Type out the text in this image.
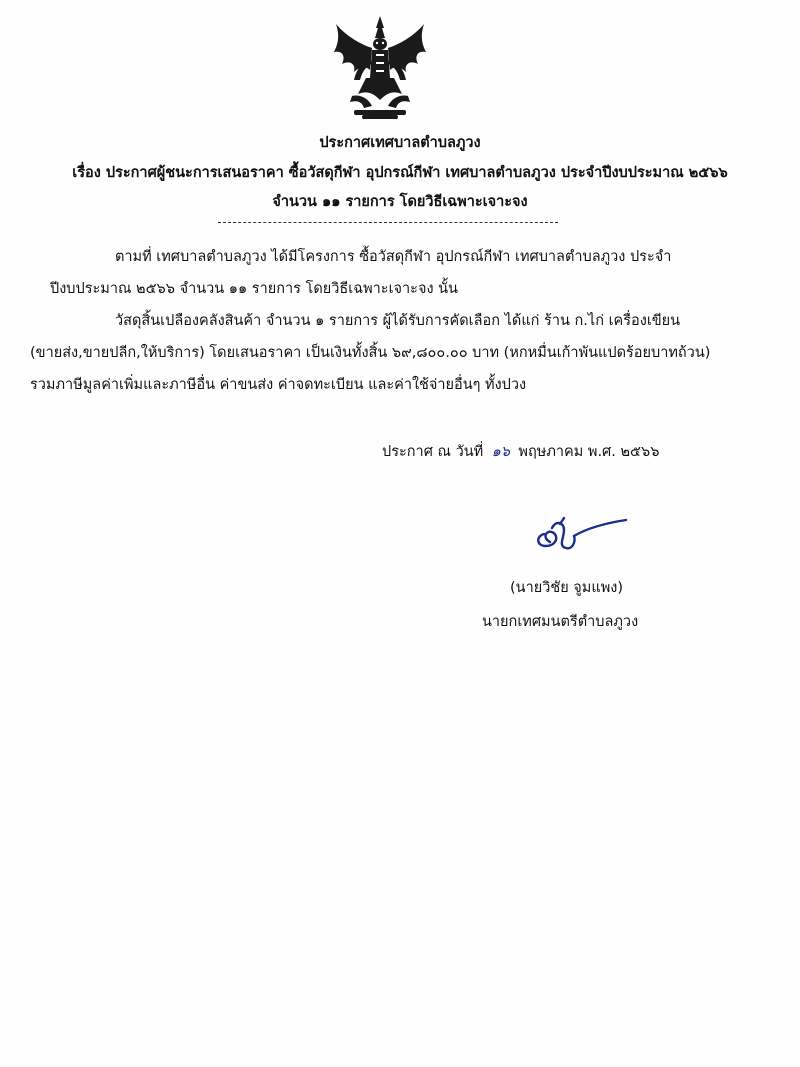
ประกาศเทศบาลตำบลภูวง
เรื่อง ประกาศผู้ชนะการเสนอราคา ซื้อวัสดุกีฬา อุปกรณ์กีฬา เทศบาลตำบลภูวง ประจำปีงบประมาณ ๒๕๖๖
จำนวน ๑๑ รายการ โดยวิธีเฉพาะเจาะจง
ตามที่ เทศบาลตำบลภูวง ได้มีโครงการ ซื้อวัสดุกีฬา อุปกรณ์กีฬา เทศบาลตำบลภูวง ประจำ
ปีงบประมาณ ๒๕๖๖ จำนวน ๑๑ รายการ โดยวิธีเฉพาะเจาะจง นั้น
วัสดุสิ้นเปลืองคลังสินค้า จำนวน ๑ รายการ ผู้ได้รับการคัดเลือก ได้แก่ ร้าน ก.ไก่ เครื่องเขียน
(ขายส่ง,ขายปลีก,ให้บริการ) โดยเสนอราคา เป็นเงินทั้งสิ้น ๖๙,๘๐๐.๐๐ บาท (หกหมื่นเก้าพันแปดร้อยบาทถ้วน)
รวมภาษีมูลค่าเพิ่มและภาษีอื่น ค่าขนส่ง ค่าจดทะเบียน และค่าใช้จ่ายอื่นๆ ทั้งปวง
ประกาศ ณ วันที่ ๑๖ พฤษภาคม พ.ศ. ๒๕๖๖
(นายวิชัย จูมแพง)
นายกเทศมนตรีตำบลภูวง
